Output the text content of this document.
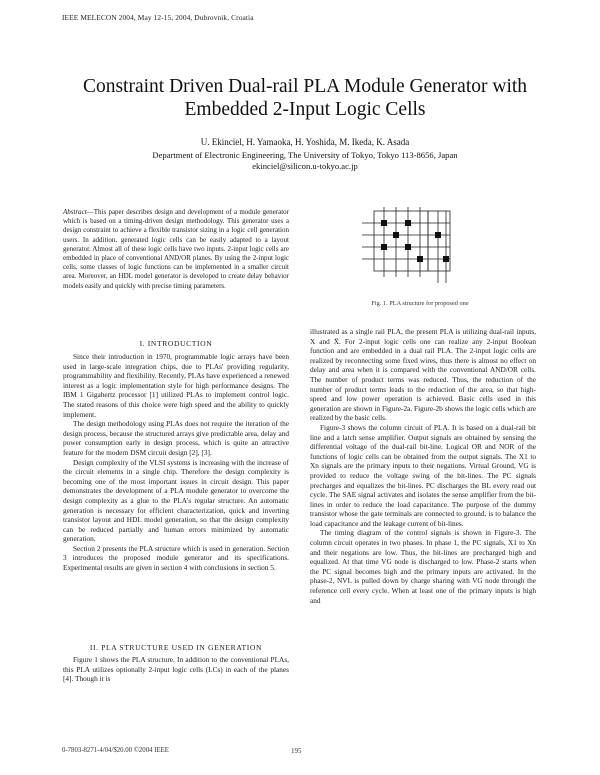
IEEE MELECON 2004, May 12-15, 2004, Dubrovnik, Croatia
Constraint Driven Dual-rail PLA Module Generator with Embedded 2-Input Logic Cells
U. Ekinciel, H. Yamaoka, H. Yoshida, M. Ikeda, K. Asada
Department of Electronic Engineering, The University of Tokyo, Tokyo 113-8656, Japan
ekinciel@silicon.u-tokyo.ac.jp
Abstract—This paper describes design and development of a module generator which is based on a timing-driven design methodology. This generator uses a design constraint to achieve a flexible transistor sizing in a logic cell generation users. In addition, generated logic cells can be easily adapted to a layout generator. Almost all of these logic cells have two inputs. 2-input logic cells are embedded in place of conventional AND/OR planes. By using the 2-input logic cells, some classes of logic functions can be implemented in a smaller circuit area. Moreover, an HDL model generator is developed to create delay behavior models easily and quickly with precise timing parameters.
Fig. 1. PLA structure for proposed one
I. INTRODUCTION

Since their introduction in 1970, programmable logic arrays have been used in large-scale integration chips, due to PLAs' providing regularity, programmability and flexibility. Recently, PLAs have experienced a renewed interest as a logic implementation style for high performance designs. The IBM 1 Gigahertz processor [1] utilized PLAs to implement control logic. The stated reasons of this choice were high speed and the ability to quickly implement.

The design methodology using PLAs does not require the iteration of the design process, because the structured arrays give predictable area, delay and power consumption early in design process, which is quite an attractive feature for the modern DSM circuit design [2], [3].

Design complexity of the VLSI systems is increasing with the increase of the circuit elements in a single chip. Therefore the design complexity is becoming one of the most important issues in circuit design. This paper demonstrates the development of a PLA module generator to overcome the design complexity as a glue to the PLA's regular structure. An automatic generation is necessary for efficient characterization, quick and inverting transistor layout and HDL model generation, so that the design complexity can be reduced partially and human errors minimized by automatic generation.

Section 2 presents the PLA structure which is used in generation. Section 3 introduces the proposed module generator and its specifications. Experimental results are given in section 4 with conclusions in section 5.

II. PLA STRUCTURE USED IN GENERATION

Figure 1 shows the PLA structure. In addition to the conventional PLAs, this PLA utilizes optionally 2-input logic cells (LCs) in each of the planes [4]. Though it is

illustrated as a single rail PLA, the present PLA is utilizing dual-rail inputs, X and X̄. For 2-input logic cells one can realize any 2-input Boolean function and are embedded in a dual rail PLA. The 2-input logic cells are realized by reconnecting some fixed wires, thus there is almost no effect on delay and area when it is compared with the conventional AND/OR cells. The number of product terms was reduced. Thus, the reduction of the number of product terms leads to the reduction of the area, so that high-speed and low power operation is achieved. Basic cells used in this generation are shown in Figure-2a. Figure-2b shows the logic cells which are realized by the basic cells.

Figure-3 shows the column circuit of PLA. It is based on a dual-rail bit line and a latch sense amplifier. Output signals are obtained by sensing the differential voltage of the dual-rail bit-line. Logical OR and NOR of the functions of logic cells can be obtained from the output signals. The X1 to Xn signals are the primary inputs to their negations. Virtual Ground, VG is provided to reduce the voltage swing of the bit-lines. The PC signals precharges and equalizes the bit-lines. PC discharges the BL every read out cycle. The SAE signal activates and isolates the sense amplifier from the bit-lines in order to reduce the load capacitance. The purpose of the dummy transistor whose the gate terminals are connected to ground, is to balance the load capacitance and the leakage current of bit-lines.

The timing diagram of the control signals is shown in Figure-3. The column circuit operates in two phases. In phase 1, the PC signals, X1 to Xn and their negations are low. Thus, the bit-lines are precharged high and equalized. At that time VG node is discharged to low. Phase-2 starts when the PC signal becomes high and the primary inputs are activated. In the phase-2, NVL is pulled down by charge sharing with VG node through the reference cell every cycle. When at least one of the primary inputs is high and

0-7803-8271-4/04/$20.00 ©2004 IEEE	195
